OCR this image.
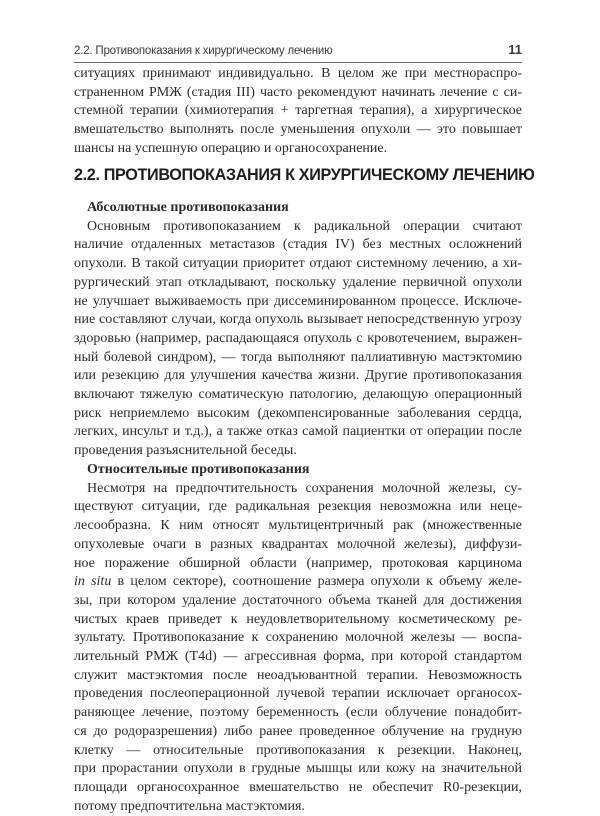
2.2. Противопоказания к хирургическому лечению	11
ситуациях принимают индивидуально. В целом же при местнораспро-
страненном РМЖ (стадия III) часто рекомендуют начинать лечение с си-
стемной терапии (химиотерапия + таргетная терапия), а хирургическое
вмешательство выполнять после уменьшения опухоли — это повышает
шансы на успешную операцию и органосохранение.
2.2. ПРОТИВОПОКАЗАНИЯ К ХИРУРГИЧЕСКОМУ ЛЕЧЕНИЮ
Абсолютные противопоказания
Основным противопоказанием к радикальной операции считают
наличие отдаленных метастазов (стадия IV) без местных осложнений
опухоли. В такой ситуации приоритет отдают системному лечению, а хи-
рургический этап откладывают, поскольку удаление первичной опухоли
не улучшает выживаемость при диссеминированном процессе. Исключе-
ние составляют случаи, когда опухоль вызывает непосредственную угрозу
здоровью (например, распадающаяся опухоль с кровотечением, выражен-
ный болевой синдром), — тогда выполняют паллиативную мастэктомию
или резекцию для улучшения качества жизни. Другие противопоказания
включают тяжелую соматическую патологию, делающую операционный
риск неприемлемо высоким (декомпенсированные заболевания сердца,
легких, инсульт и т.д.), а также отказ самой пациентки от операции после
проведения разъяснительной беседы.
Относительные противопоказания
Несмотря на предпочтительность сохранения молочной железы, су-
ществуют ситуации, где радикальная резекция невозможна или неце-
лесообразна. К ним относят мультицентричный рак (множественные
опухолевые очаги в разных квадрантах молочной железы), диффузи-
ное поражение обширной области (например, протоковая карцинома
in situ в целом секторе), соотношение размера опухоли к объему желе-
зы, при котором удаление достаточного объема тканей для достижения
чистых краев приведет к неудовлетворительному косметическому ре-
зультату. Противопоказание к сохранению молочной железы — воспа-
лительный РМЖ (T4d) — агрессивная форма, при которой стандартом
служит мастэктомия после неоадъювантной терапии. Невозможность
проведения послеоперационной лучевой терапии исключает органосох-
раняющее лечение, поэтому беременность (если облучение понадобит-
ся до родоразрешения) либо ранее проведенное облучение на грудную
клетку — относительные противопоказания к резекции. Наконец,
при прорастании опухоли в грудные мышцы или кожу на значительной
площади органосохранное вмешательство не обеспечит R0-резекции,
потому предпочтительна мастэктомия.
